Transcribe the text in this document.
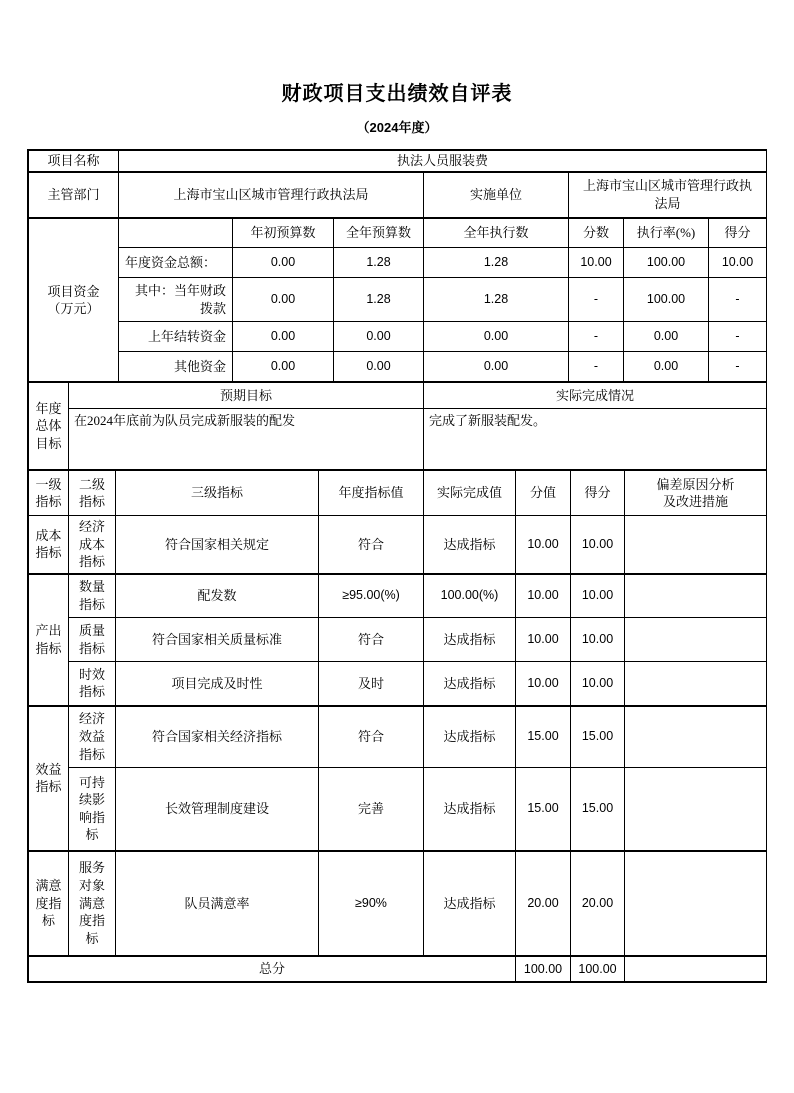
财政项目支出绩效自评表
（2024年度）
项目名称	执法人员服装费		
主管部门	上海市宝山区城市管理行政执法局	实施单位	上海市宝山区城市管理行政执法局
项目资金
（万元）		年初预算数	全年预算数	全年执行数	分数	执行率(%)	得分
	年度资金总额：	0.00	1.28	1.28	10.00	100.00	10.00
	其中：当年财政拨款	0.00	1.28	1.28	-	100.00	-
	上年结转资金	0.00	0.00	0.00	-	0.00	-
	其他资金	0.00	0.00	0.00	-	0.00	-
年度总体目标	预期目标	实际完成情况
	在2024年底前为队员完成新服装的配发	完成了新服装配发。
一级指标	二级指标	三级指标	年度指标值	实际完成值	分值	得分	偏差原因分析及改进措施

成本指标	经济成本指标	符合国家相关规定	符合	达成指标	10.00	10.00	
产出指标	数量指标	配发数	≥95.00(%)	100.00(%)	10.00	10.00	
	质量指标	符合国家相关质量标准	符合	达成指标	10.00	10.00	
	时效指标	项目完成及时性	及时	达成指标	10.00	10.00	
效益指标	经济效益指标	符合国家相关经济指标	符合	达成指标	15.00	15.00	
	可持续影响指标	长效管理制度建设	完善	达成指标	15.00	15.00	
满意度指标	服务对象满意度指标	队员满意率	≥90%	达成指标	20.00	20.00	
总分	100.00	100.00	
